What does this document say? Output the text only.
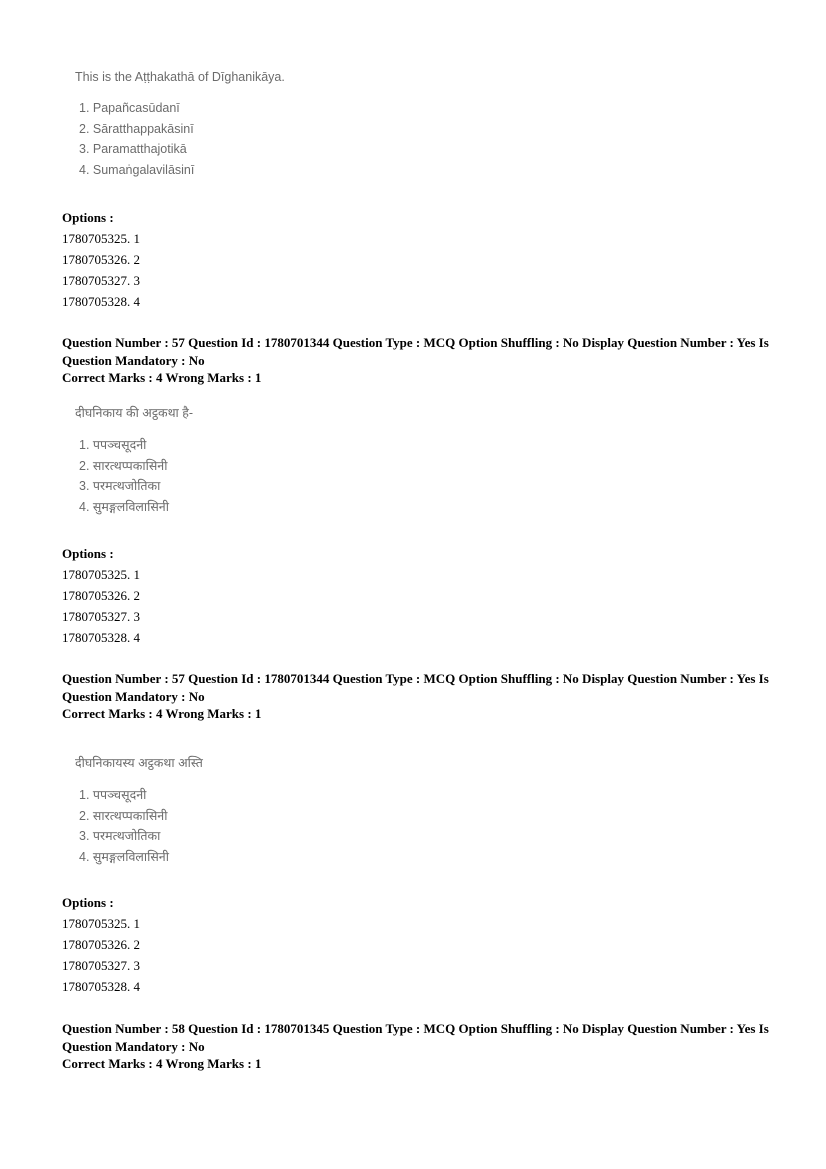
This is the Aṭṭhakathā of Dīghanikāya.
1. Papañcasūdanī
2. Sāratthappakāsinī
3. Paramatthajotikā
4. Sumaṅgalavilāsinī
Options :
1780705325. 1
1780705326. 2
1780705327. 3
1780705328. 4

Question Number : 57 Question Id : 1780701344 Question Type : MCQ Option Shuffling : No Display Question Number : Yes Is Question Mandatory : No

Correct Marks : 4 Wrong Marks : 1

दीघनिकाय की अट्ठकथा है-
1. पपञ्चसूदनी
2. सारत्थप्पकासिनी
3. परमत्थजोतिका
4. सुमङ्गलविलासिनी
Options :
1780705325. 1
1780705326. 2
1780705327. 3
1780705328. 4

Question Number : 57 Question Id : 1780701344 Question Type : MCQ Option Shuffling : No Display Question Number : Yes Is Question Mandatory : No

Correct Marks : 4 Wrong Marks : 1

दीघनिकायस्य अट्ठकथा अस्ति
1. पपञ्चसूदनी
2. सारत्थप्पकासिनी
3. परमत्थजोतिका
4. सुमङ्गलविलासिनी
Options :
1780705325. 1
1780705326. 2
1780705327. 3
1780705328. 4

Question Number : 58 Question Id : 1780701345 Question Type : MCQ Option Shuffling : No Display Question Number : Yes Is Question Mandatory : No

Correct Marks : 4 Wrong Marks : 1
